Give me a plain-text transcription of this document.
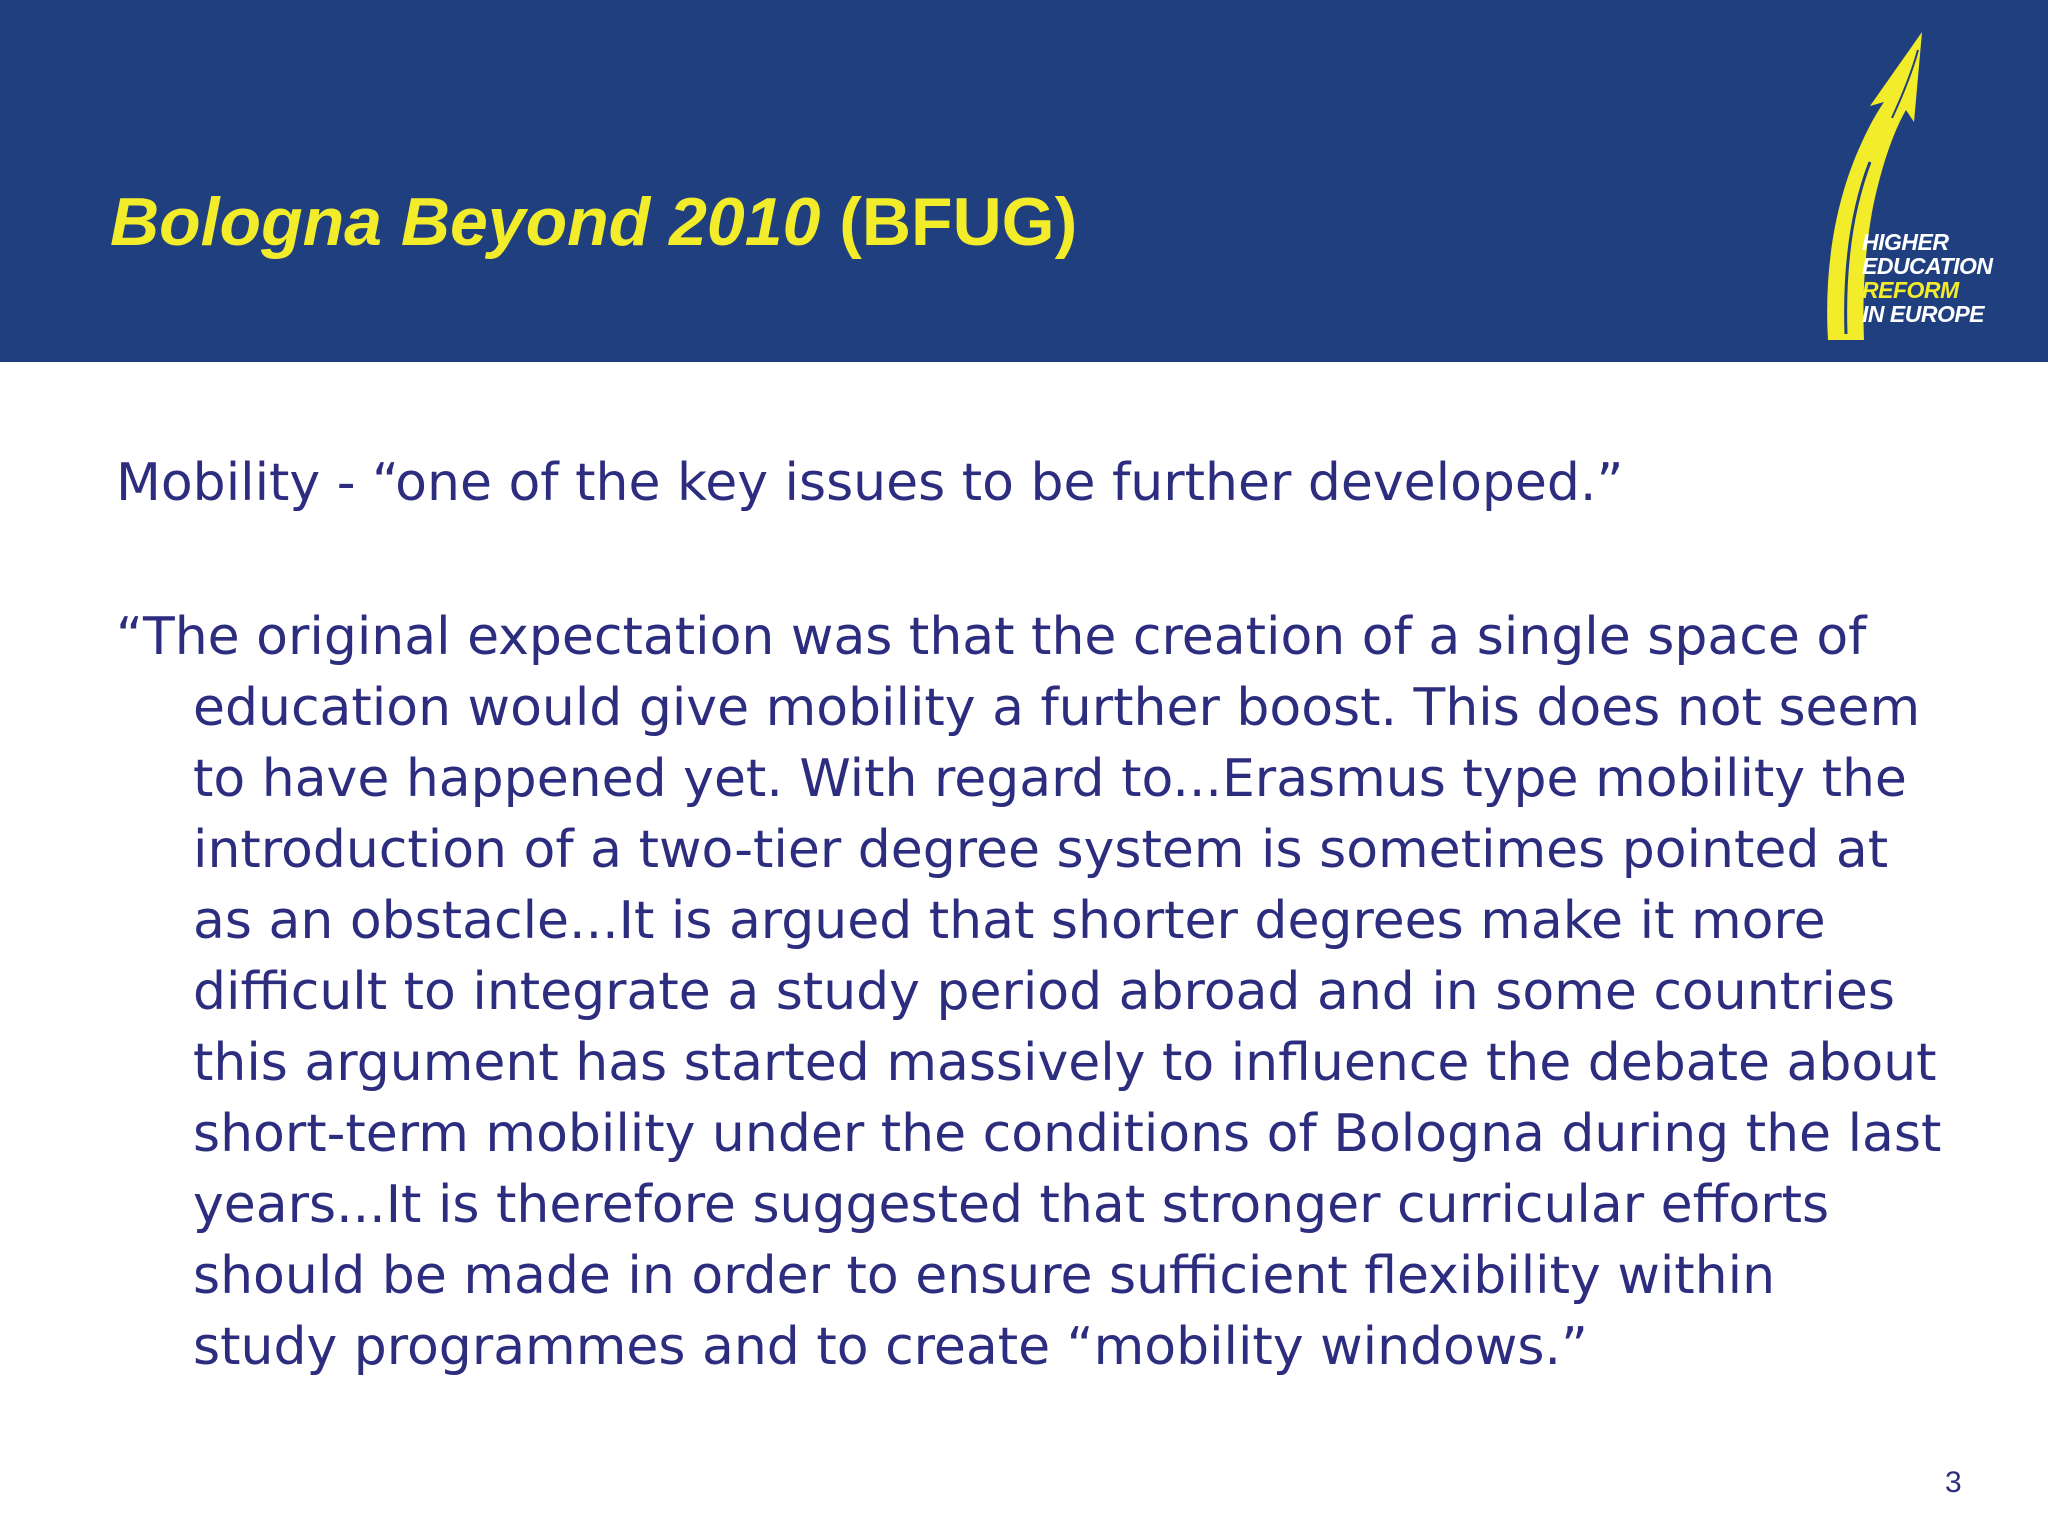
Bologna Beyond 2010 (BFUG)	HIGHER
EDUCATION
REFORM
IN EUROPE

Mobility - “one of the key issues to be further developed.”

“The original expectation was that the creation of a single space of
education would give mobility a further boost. This does not seem
to have happened yet. With regard to...Erasmus type mobility the
introduction of a two-tier degree system is sometimes pointed at
as an obstacle...It is argued that shorter degrees make it more
difficult to integrate a study period abroad and in some countries
this argument has started massively to influence the debate about
short-term mobility under the conditions of Bologna during the last
years...It is therefore suggested that stronger curricular efforts
should be made in order to ensure sufficient flexibility within
study programmes and to create “mobility windows.”
3
